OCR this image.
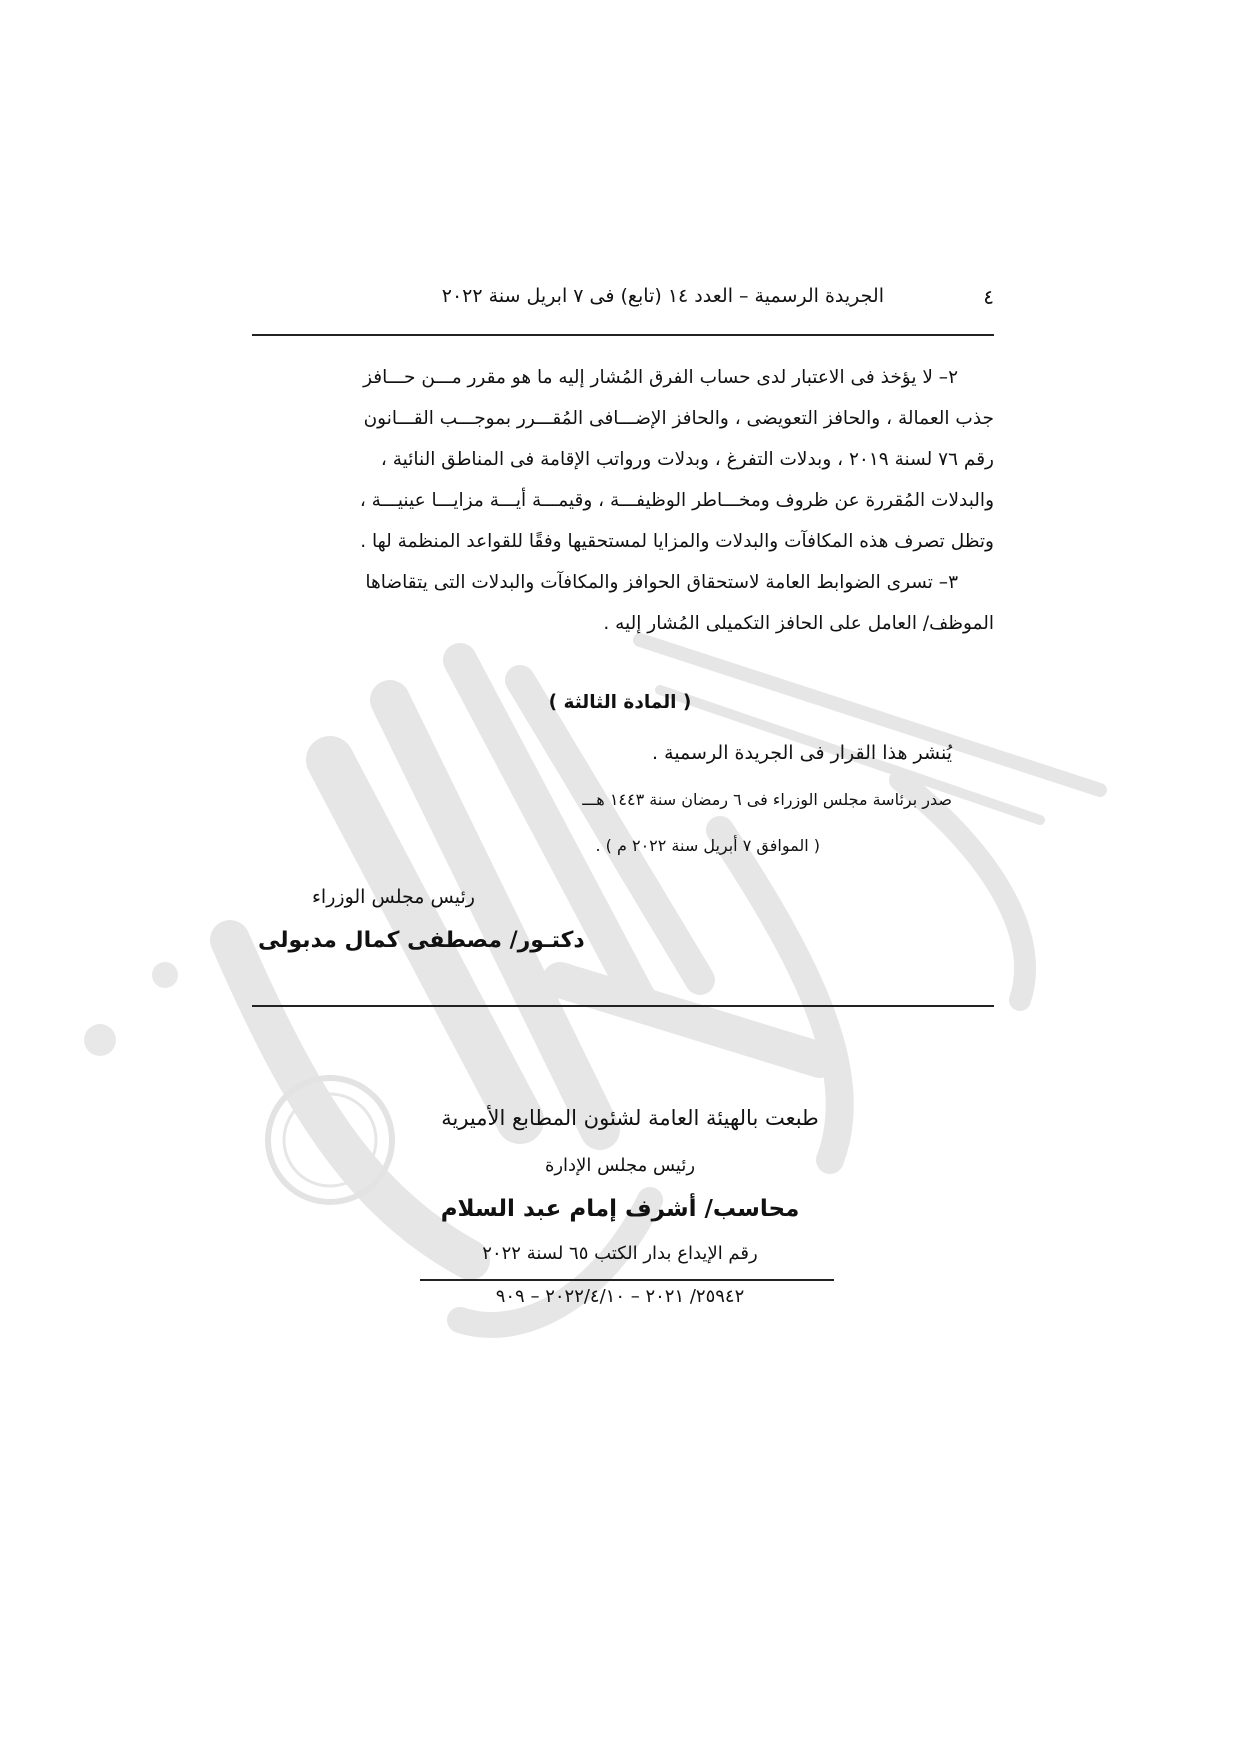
الجريدة الرسمية – العدد ١٤ (تابع) فى ٧ ابريل سنة ٢٠٢٢	٤

٢– لا يؤخذ فى الاعتبار لدى حساب الفرق المُشار إليه ما هو مقرر مـــن حـــافز
جذب العمالة ، والحافز التعويضى ، والحافز الإضـــافى المُقـــرر بموجـــب القـــانون
رقم ٧٦ لسنة ٢٠١٩ ، وبدلات التفرغ ، وبدلات ورواتب الإقامة فى المناطق النائية ،
والبدلات المُقررة عن ظروف ومخـــاطر الوظيفـــة ، وقيمـــة أيـــة مزايـــا عينيـــة ،
وتظل تصرف هذه المكافآت والبدلات والمزايا لمستحقيها وفقًا للقواعد المنظمة لها .

٣– تسرى الضوابط العامة لاستحقاق الحوافز والمكافآت والبدلات التى يتقاضاها
الموظف/ العامل على الحافز التكميلى المُشار إليه .

( المادة الثالثة )
يُنشر هذا القرار فى الجريدة الرسمية .
صدر برئاسة مجلس الوزراء فى ٦ رمضان سنة ١٤٤٣ هـــ
( الموافق ٧ أبريل سنة ٢٠٢٢ م ) .
رئيس مجلس الوزراء
دكتـور/ مصطفى كمال مدبولى
طبعت بالهيئة العامة لشئون المطابع الأميرية
رئيس مجلس الإدارة
محاسب/ أشرف إمام عبد السلام
رقم الإيداع بدار الكتب ٦٥ لسنة ٢٠٢٢
٢٥٩٤٢/ ٢٠٢١ – ٢٠٢٢/٤/١٠ – ٩٠٩
